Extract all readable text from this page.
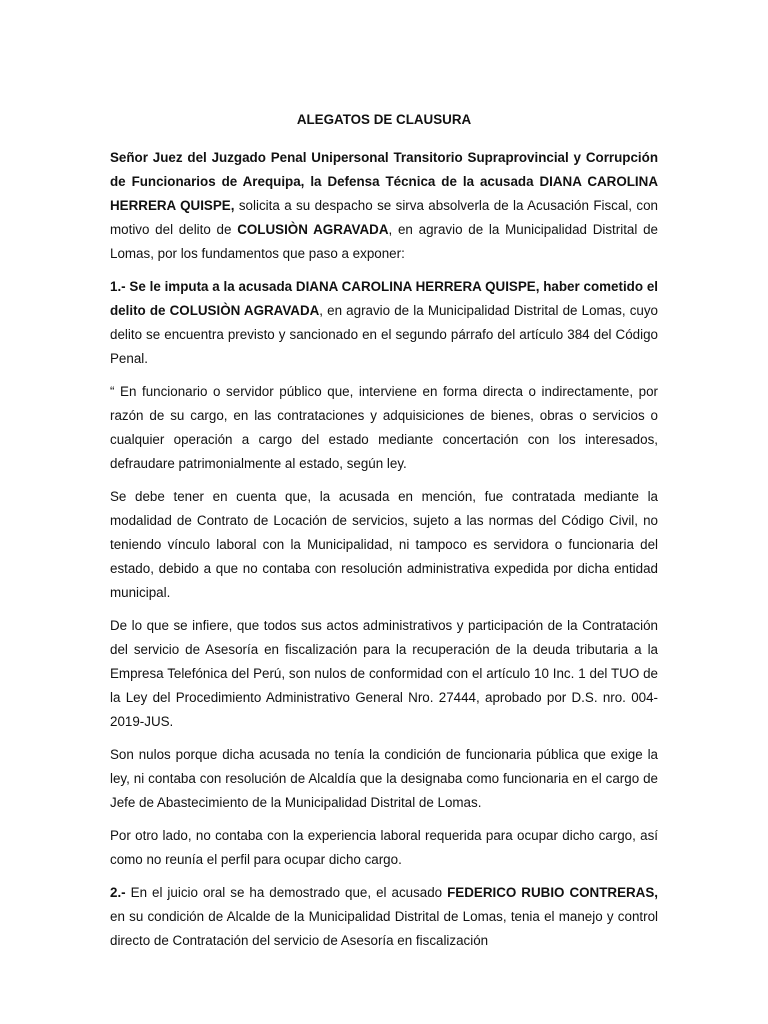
ALEGATOS DE CLAUSURA

Señor Juez del Juzgado Penal Unipersonal Transitorio Supraprovincial y Corrupción de Funcionarios de Arequipa, la Defensa Técnica de la acusada DIANA CAROLINA HERRERA QUISPE, solicita a su despacho se sirva absolverla de la Acusación Fiscal, con motivo del delito de COLUSIÒN AGRAVADA, en agravio de la Municipalidad Distrital de Lomas, por los fundamentos que paso a exponer:

1.- Se le imputa a la acusada DIANA CAROLINA HERRERA QUISPE, haber cometido el delito de COLUSIÒN AGRAVADA, en agravio de la Municipalidad Distrital de Lomas, cuyo delito se encuentra previsto y sancionado en el segundo párrafo del artículo 384 del Código Penal.

“ En funcionario o servidor público que, interviene en forma directa o indirectamente, por razón de su cargo, en las contrataciones y adquisiciones de bienes, obras o servicios o cualquier operación a cargo del estado mediante concertación con los interesados, defraudare patrimonialmente al estado, según ley.

Se debe tener en cuenta que, la acusada en mención, fue contratada mediante la modalidad de Contrato de Locación de servicios, sujeto a las normas del Código Civil, no teniendo vínculo laboral con la Municipalidad, ni tampoco es servidora o funcionaria del estado, debido a que no contaba con resolución administrativa expedida por dicha entidad municipal.

De lo que se infiere, que todos sus actos administrativos y participación de la Contratación del servicio de Asesoría en fiscalización para la recuperación de la deuda tributaria a la Empresa Telefónica del Perú, son nulos de conformidad con el artículo 10 Inc. 1 del TUO de la Ley del Procedimiento Administrativo General Nro. 27444, aprobado por D.S. nro. 004-2019-JUS.

Son nulos porque dicha acusada no tenía la condición de funcionaria pública que exige la ley, ni contaba con resolución de Alcaldía que la designaba como funcionaria en el cargo de Jefe de Abastecimiento de la Municipalidad Distrital de Lomas.

Por otro lado, no contaba con la experiencia laboral requerida para ocupar dicho cargo, así como no reunía el perfil para ocupar dicho cargo.

2.- En el juicio oral se ha demostrado que, el acusado FEDERICO RUBIO CONTRERAS, en su condición de Alcalde de la Municipalidad Distrital de Lomas, tenia el manejo y control directo de Contratación del servicio de Asesoría en fiscalización
